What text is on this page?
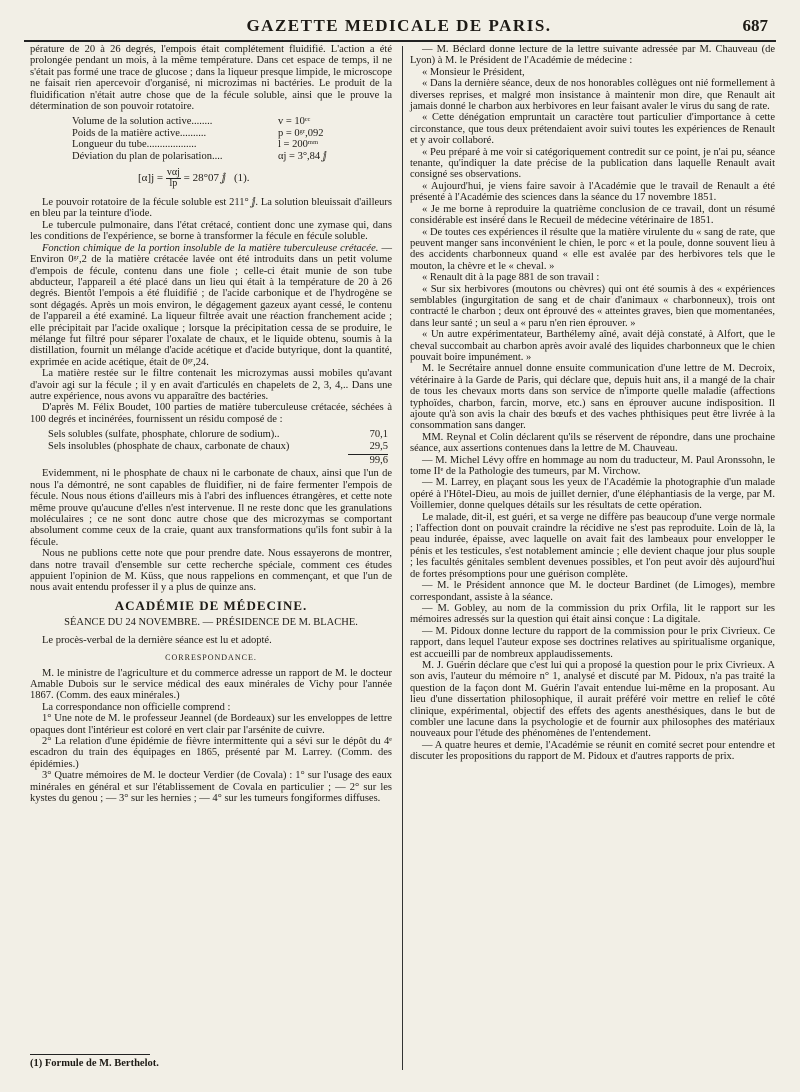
GAZETTE MEDICALE DE PARIS.	687

pérature de 20 à 26 degrés, l'empois était complétement fluidifié. L'action a été prolongée pendant un mois, à la même température. Dans cet espace de temps, il ne s'était pas formé une trace de glucose ; dans la liqueur presque limpide, le microscope ne faisait rien apercevoir d'organisé, ni microzimas ni bactéries. Le produit de la fluidification n'était autre chose que de la fécule soluble, ainsi que le prouve la détermination de son pouvoir rotatoire.

Volume de la solution active........	v = 10ᶜᶜ
Poids de la matière active..........	p = 0ᵍʳ,092
Longueur du tube...................	l = 200ᵐᵐ
Déviation du plan de polarisation....	αj = 3°,84 ⅉ
$[\alpha]j = \frac{\text{vαj}}{lp} = 28^\circ 07$ ⅉ (1).

Le pouvoir rotatoire de la fécule soluble est 211° ⅉ. La solution bleuissait d'ailleurs en bleu par la teinture d'iode.

Le tubercule pulmonaire, dans l'état crétacé, contient donc une zymase qui, dans les conditions de l'expérience, se borne à transformer la fécule en fécule soluble.

Fonction chimique de la portion insoluble de la matière tuberculeuse crétacée. — Environ 0ᵍʳ,2 de la matière crétacée lavée ont été introduits dans un petit volume d'empois de fécule, contenu dans une fiole ; celle-ci était munie de son tube abducteur, l'appareil a été placé dans un lieu qui était à la température de 20 à 26 degrés. Bientôt l'empois a été fluidifié ; de l'acide carbonique et de l'hydrogène se sont dégagés. Après un mois environ, le dégagement gazeux ayant cessé, le contenu de l'appareil a été examiné. La liqueur filtrée avait une réaction franchement acide ; elle précipitait par l'acide oxalique ; lorsque la précipitation cessa de se produire, le mélange fut filtré pour séparer l'oxalate de chaux, et le liquide obtenu, soumis à la distillation, fournit un mélange d'acide acétique et d'acide butyrique, dont la quantité, exprimée en acide acétique, était de 0ᵍʳ,24.

La matière restée sur le filtre contenait les microzymas aussi mobiles qu'avant d'avoir agi sur la fécule ; il y en avait d'articulés en chapelets de 2, 3, 4,.. Dans une autre expérience, nous avons vu apparaître des bactéries.

D'après M. Félix Boudet, 100 parties de matière tuberculeuse crétacée, séchées à 100 degrés et incinérées, fournissent un résidu composé de :

Sels solubles (sulfate, phosphate, chlorure de sodium)..	70,1
Sels insolubles (phosphate de chaux, carbonate de chaux)	29,5
99,6

Evidemment, ni le phosphate de chaux ni le carbonate de chaux, ainsi que l'un de nous l'a démontré, ne sont capables de fluidifier, ni de faire fermenter l'empois de fécule. Nous nous étions d'ailleurs mis à l'abri des influences étrangères, et cette note même prouve qu'aucune d'elles n'est intervenue. Il ne reste donc que les granulations moléculaires ; ce ne sont donc autre chose que des microzymas se comportant absolument comme ceux de la craie, quant aux transformations qu'ils font subir à la fécule.

Nous ne publions cette note que pour prendre date. Nous essayerons de montrer, dans notre travail d'ensemble sur cette recherche spéciale, comment ces études appuient l'opinion de M. Küss, que nous rappelions en commençant, et que l'un de nous avait entendu professer il y a plus de quinze ans.

ACADÉMIE DE MÉDECINE.
SÉANCE DU 24 NOVEMBRE. — PRÉSIDENCE DE M. BLACHE.

Le procès-verbal de la dernière séance est lu et adopté.

CORRESPONDANCE.

M. le ministre de l'agriculture et du commerce adresse un rapport de M. le docteur Amable Dubois sur le service médical des eaux minérales de Vichy pour l'année 1867. (Comm. des eaux minérales.)

La correspondance non officielle comprend :

1° Une note de M. le professeur Jeannel (de Bordeaux) sur les enveloppes de lettre opaques dont l'intérieur est coloré en vert clair par l'arsénite de cuivre.

2° La relation d'une épidémie de fièvre intermittente qui a sévi sur le dépôt du 4ᵉ escadron du train des équipages en 1865, présenté par M. Larrey. (Comm. des épidémies.)

3° Quatre mémoires de M. le docteur Verdier (de Covala) : 1° sur l'usage des eaux minérales en général et sur l'établissement de Covala en particulier ; — 2° sur les kystes du genou ; — 3° sur les hernies ; — 4° sur les tumeurs fongiformes diffuses.

(1) Formule de M. Berthelot.

— M. Béclard donne lecture de la lettre suivante adressée par M. Chauveau (de Lyon) à M. le Président de l'Académie de médecine :

« Monsieur le Président,

« Dans la dernière séance, deux de nos honorables collègues ont nié formellement à diverses reprises, et malgré mon insistance à maintenir mon dire, que Renault ait jamais donné le charbon aux herbivores en leur faisant avaler le virus du sang de rate.

« Cette dénégation empruntait un caractère tout particulier d'importance à cette circonstance, que tous deux prétendaient avoir suivi toutes les expériences de Renault et y avoir collaboré.

« Peu préparé à me voir si catégoriquement contredit sur ce point, je n'ai pu, séance tenante, qu'indiquer la date précise de la publication dans laquelle Renault avait consigné ses observations.

« Aujourd'hui, je viens faire savoir à l'Académie que le travail de Renault a été présenté à l'Académie des sciences dans la séance du 17 novembre 1851.

« Je me borne à reproduire la quatrième conclusion de ce travail, dont un résumé considérable est inséré dans le Recueil de médecine vétérinaire de 1851.

« De toutes ces expériences il résulte que la matière virulente du « sang de rate, que peuvent manger sans inconvénient le chien, le porc « et la poule, donne souvent lieu à des accidents charbonneux quand « elle est avalée par des herbivores tels que le mouton, la chèvre et le « cheval. »

« Renault dit à la page 881 de son travail :

« Sur six herbivores (moutons ou chèvres) qui ont été soumis à des « expériences semblables (ingurgitation de sang et de chair d'animaux « charbonneux), trois ont contracté le charbon ; deux ont éprouvé des « atteintes graves, bien que momentanées, dans leur santé ; un seul a « paru n'en rien éprouver. »

« Un autre expérimentateur, Barthélemy aîné, avait déjà constaté, à Alfort, que le cheval succombait au charbon après avoir avalé des liquides charbonneux que le chien pouvait boire impunément. »

M. le Secrétaire annuel donne ensuite communication d'une lettre de M. Decroix, vétérinaire à la Garde de Paris, qui déclare que, depuis huit ans, il a mangé de la chair de tous les chevaux morts dans son service de n'importe quelle maladie (affections typhoïdes, charbon, farcin, morve, etc.) sans en éprouver aucune indisposition. Il ajoute qu'à son avis la chair des bœufs et des vaches phthisiques peut être livrée à la consommation sans danger.

MM. Reynal et Colin déclarent qu'ils se réservent de répondre, dans une prochaine séance, aux assertions contenues dans la lettre de M. Chauveau.

— M. Michel Lévy offre en hommage au nom du traducteur, M. Paul Aronssohn, le tome IIᵉ de la Pathologie des tumeurs, par M. Virchow.

— M. Larrey, en plaçant sous les yeux de l'Académie la photographie d'un malade opéré à l'Hôtel-Dieu, au mois de juillet dernier, d'une éléphantiasis de la verge, par M. Voillemier, donne quelques détails sur les résultats de cette opération.

Le malade, dit-il, est guéri, et sa verge ne diffère pas beaucoup d'une verge normale ; l'affection dont on pouvait craindre la récidive ne s'est pas reproduite. Loin de là, la peau indurée, épaisse, avec laquelle on avait fait des lambeaux pour envelopper le pénis et les testicules, s'est notablement amincie ; elle devient chaque jour plus souple ; les facultés génitales semblent devenues possibles, et l'on peut avoir dès aujourd'hui de fortes présomptions pour une guérison complète.

— M. le Président annonce que M. le docteur Bardinet (de Limoges), membre correspondant, assiste à la séance.

— M. Gobley, au nom de la commission du prix Orfila, lit le rapport sur les mémoires adressés sur la question qui était ainsi conçue : La digitale.

— M. Pidoux donne lecture du rapport de la commission pour le prix Civrieux. Ce rapport, dans lequel l'auteur expose ses doctrines relatives au spiritualisme organique, est accueilli par de nombreux applaudissements.

M. J. Guérin déclare que c'est lui qui a proposé la question pour le prix Civrieux. A son avis, l'auteur du mémoire n° 1, analysé et discuté par M. Pidoux, n'a pas traité la question de la façon dont M. Guérin l'avait entendue lui-même en la proposant. Au lieu d'une dissertation philosophique, il aurait préféré voir mettre en relief le côté clinique, expérimental, objectif des effets des agents anesthésiques, dans le but de combler une lacune dans la psychologie et de fournir aux philosophes des matériaux nouveaux pour l'étude des phénomènes de l'entendement.

— A quatre heures et demie, l'Académie se réunit en comité secret pour entendre et discuter les propositions du rapport de M. Pidoux et d'autres rapports de prix.
